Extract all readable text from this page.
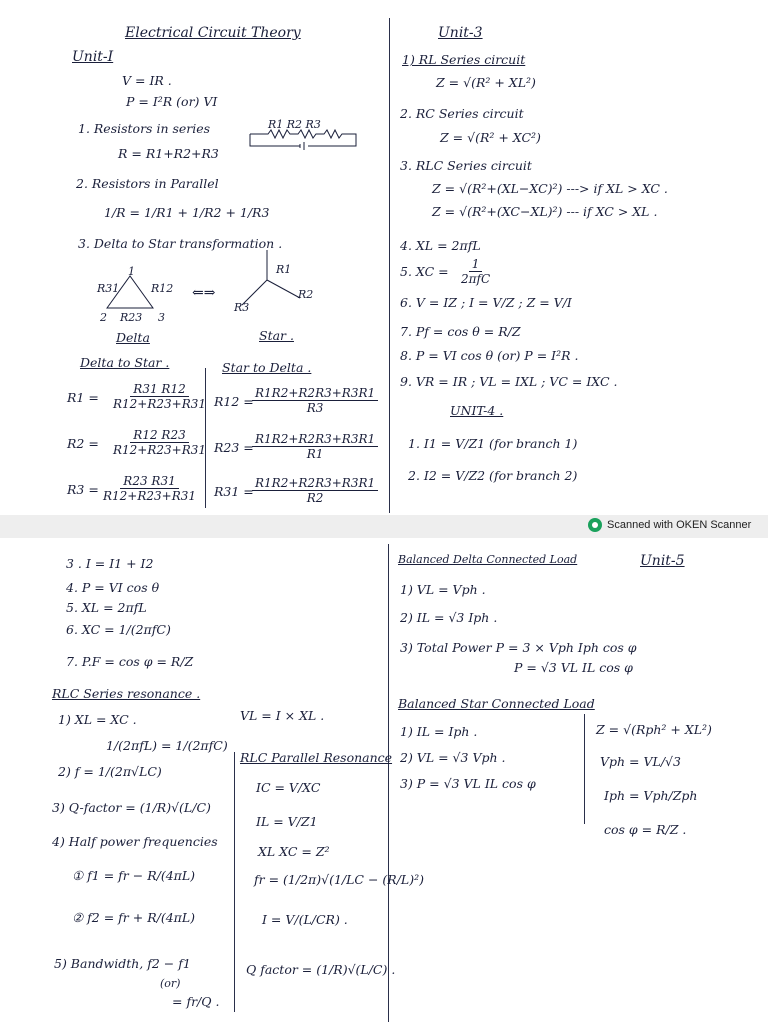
Electrical Circuit Theory
Unit-I
V = IR .
P = I²R (or) VI
1. Resistors in series	R1 R2 R3
R = R1+R2+R3
2. Resistors in Parallel
1/R = 1/R1 + 1/R2 + 1/R3
3. Delta to Star transformation .
R31	R12
R23
1
2	3
⇐⇒
R1
R2
R3
Delta	Star .
Delta to Star .	Star to Delta .
$R1 = \frac{R31 R12}{R12+R23+R31}$
$R2 = \frac{R12 R23}{R12+R23+R31}$
$R3 = \frac{R23 R31}{R12+R23+R31}$
R12 =
$\frac{R1R2+R2R3+R3R1}{R3}$
R23 =
$\frac{R1R2+R2R3+R3R1}{R1}$
R31 =
$\frac{R1R2+R2R3+R3R1}{R2}$
Unit-3
1) RL Series circuit
Z = √(R² + XL²)
2. RC Series circuit
Z = √(R² + XC²)
3. RLC Series circuit
Z = √(R²+(XL−XC)²) ---> if XL > XC .
Z = √(R²+(XC−XL)²) --- if XC > XL .
4. XL = 2πfL
5. XC = 1
2πfC
6. V = IZ ; I = V/Z ; Z = V/I
7. Pf = cos θ = R/Z
8. P = VI cos θ (or) P = I²R .
9. VR = IR ; VL = IXL ; VC = IXC .
UNIT-4 .
1. I1 = V/Z1 (for branch 1)
2. I2 = V/Z2 (for branch 2)
Scanned with OKEN Scanner
3 . I = I1 + I2
4. P = VI cos θ
5. XL = 2πfL
6. XC = 1/(2πfC)
7. P.F = cos φ = R/Z
RLC Series resonance .
1) XL = XC .	VL = I × XL .
1/(2πfL) = 1/(2πfC)
2) f = 1/(2π√LC)
3) Q-factor = (1/R)√(L/C)
4) Half power frequencies
① f1 = fr − R/(4πL)
② f2 = fr + R/(4πL)
5) Bandwidth, f2 − f1
(or)
= fr/Q .
RLC Parallel Resonance
IC = V/XC
IL = V/Z1
XL XC = Z²
fr = (1/2π)√(1/LC − (R/L)²)
I = V/(L/CR) .
Q factor = (1/R)√(L/C) .
Balanced Delta Connected Load	Unit-5
1) VL = Vph .
2) IL = √3 Iph .
3) Total Power P = 3 × Vph Iph cos φ
P = √3 VL IL cos φ
Balanced Star Connected Load
1) IL = Iph .
2) VL = √3 Vph .
3) P = √3 VL IL cos φ
Z = √(Rph² + XL²)
Vph = VL/√3
Iph = Vph/Zph
cos φ = R/Z .
